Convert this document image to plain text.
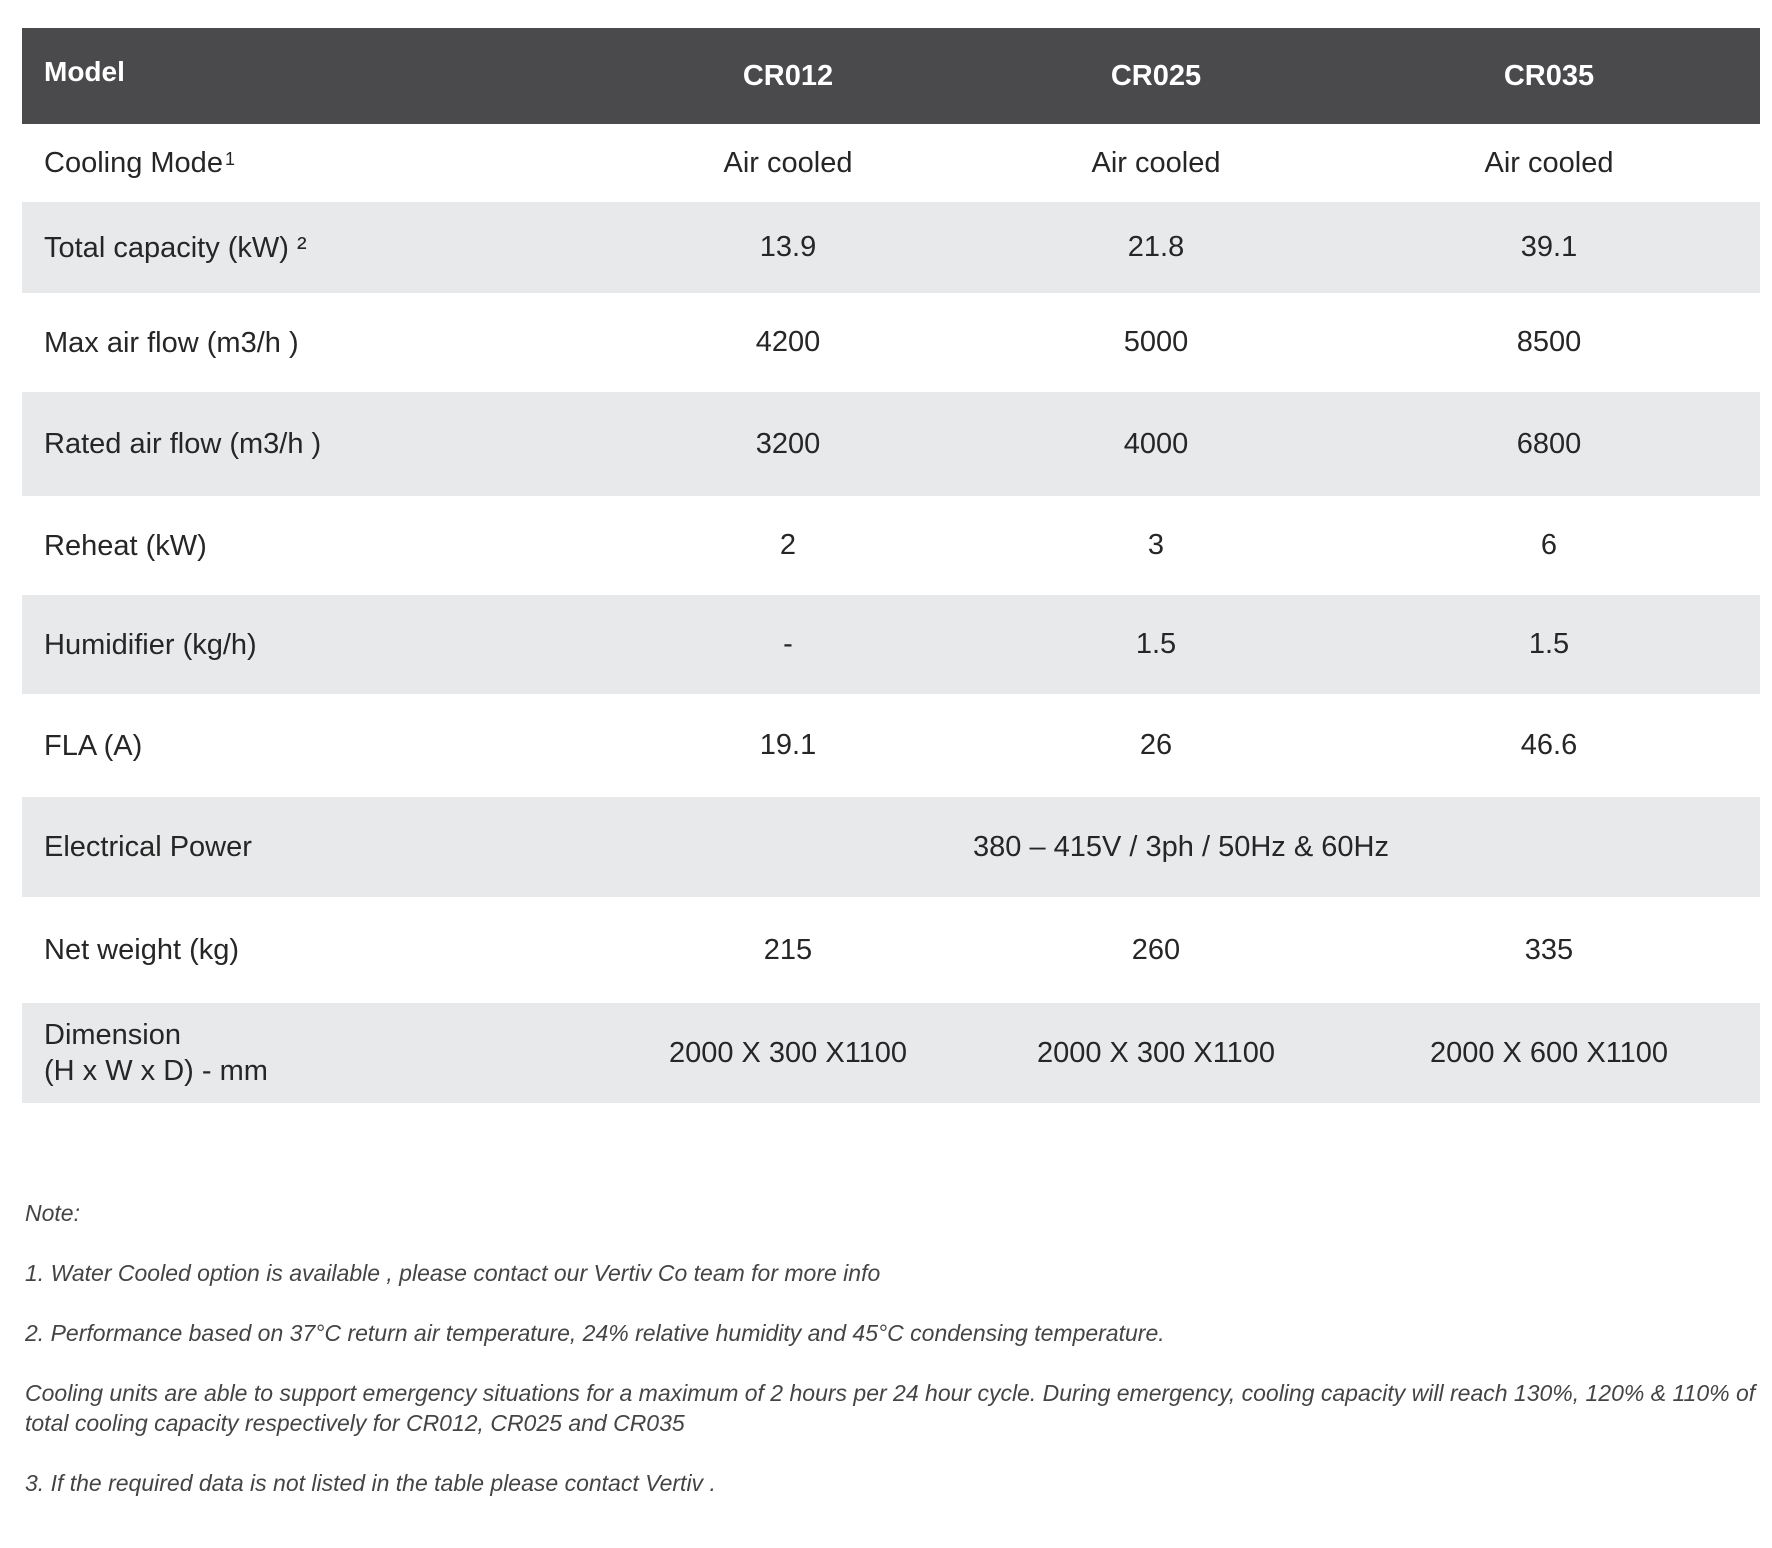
Model	CR012	CR025	CR035
Cooling Mode $^1$	Air cooled	Air cooled	Air cooled
Total capacity (kW) ²	13.9	21.8	39.1
Max air flow (m3/h )	4200	5000	8500
Rated air flow (m3/h )	3200	4000	6800
Reheat (kW)	2	3	6
Humidifier (kg/h)	-	1.5	1.5
FLA (A)	19.1	26	46.6
Electrical Power	380 – 415V / 3ph / 50Hz & 60Hz
Net weight (kg)	215	260	335
Dimension
(H x W x D) - mm
2000 X 300 X1100	2000 X 300 X1100	2000 X 600 X1100

Note:

1. Water Cooled option is available , please contact our Vertiv Co team for more info

2. Performance based on 37°C return air temperature, 24% relative humidity and 45°C condensing temperature.

Cooling units are able to support emergency situations for a maximum of 2 hours per 24 hour cycle. During emergency, cooling capacity will reach 130%, 120% & 110% of total cooling capacity respectively for CR012, CR025 and CR035

3. If the required data is not listed in the table please contact Vertiv .
